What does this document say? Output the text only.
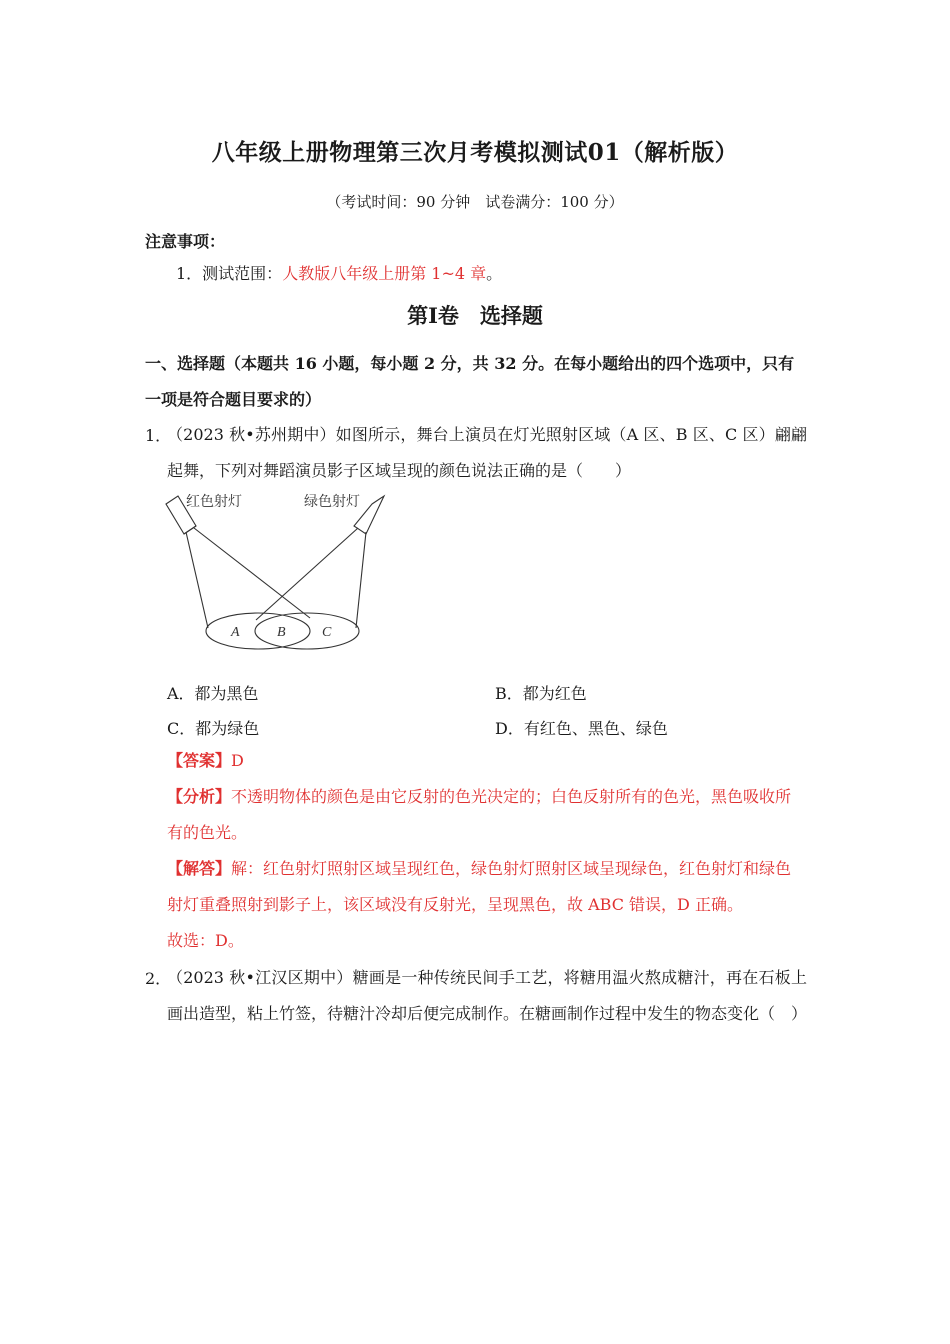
八年级上册物理第三次月考模拟测试01（解析版）
（考试时间：90 分钟　试卷满分：100 分）
注意事项：
1．测试范围：人教版八年级上册第 1~4 章。
第Ⅰ卷　选择题
一、选择题（本题共 16 小题，每小题 2 分，共 32 分。在每小题给出的四个选项中，只有一项是符合题目要求的）
1．
（2023 秋•苏州期中）如图所示，舞台上演员在灯光照射区域（A 区、B 区、C 区）翩翩起舞，下列对舞蹈演员影子区域呈现的颜色说法正确的是（　　）
红色射灯	绿色射灯
A	B	C
A．都为黑色	B．都为红色
C．都为绿色	D．有红色、黑色、绿色
【答案】D
【分析】不透明物体的颜色是由它反射的色光决定的；白色反射所有的色光，黑色吸收所有的色光。
【解答】解：红色射灯照射区域呈现红色，绿色射灯照射区域呈现绿色，红色射灯和绿色射灯重叠照射到影子上，该区域没有反射光，呈现黑色，故 ABC 错误，D 正确。
故选：D。
2．
（2023 秋•江汉区期中）糖画是一种传统民间手工艺，将糖用温火熬成糖汁，再在石板上画出造型，粘上竹签，待糖汁冷却后便完成制作。在糖画制作过程中发生的物态变化（　）
